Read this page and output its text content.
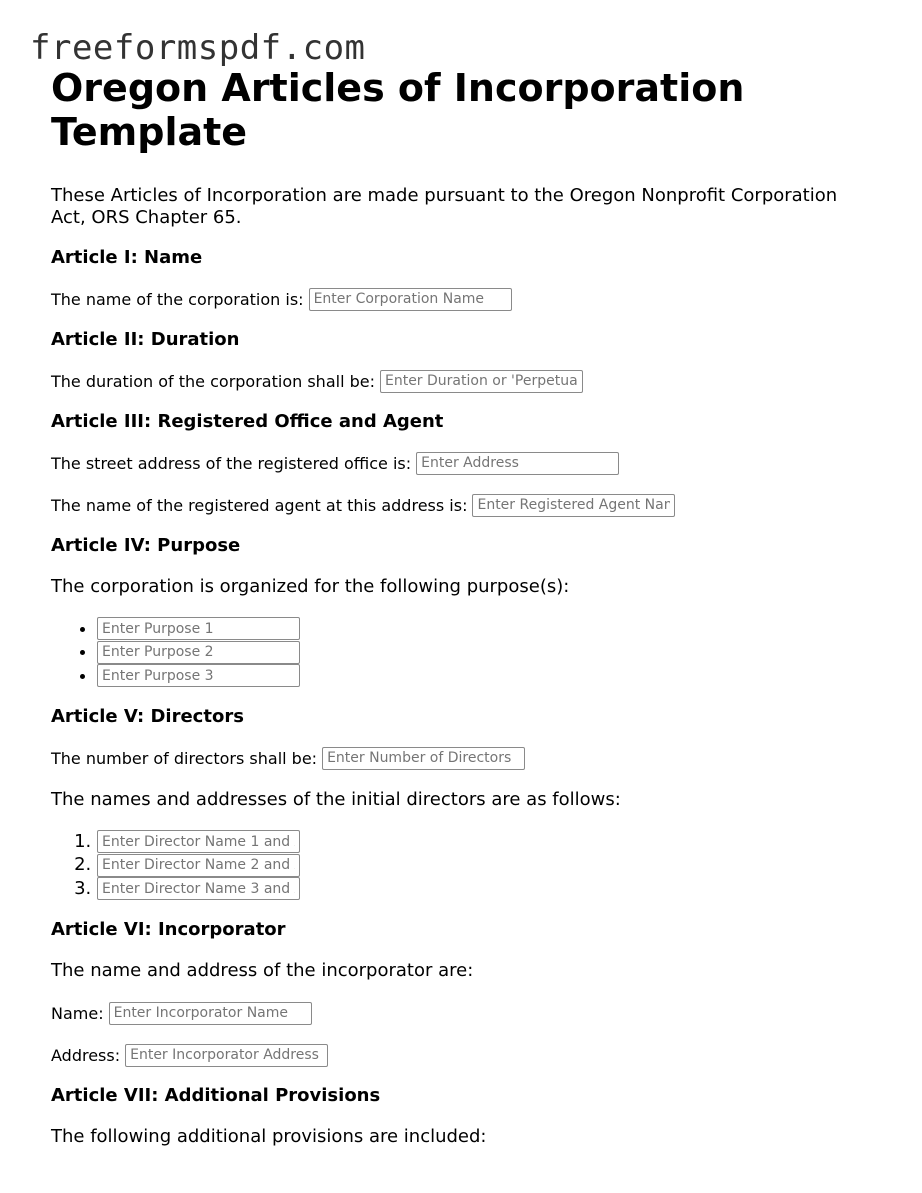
freeformspdf.com
Oregon Articles of Incorporation Template

These Articles of Incorporation are made pursuant to the Oregon Nonprofit Corporation Act, ORS Chapter 65.

Article I: Name
The name of the corporation is:
Enter Corporation Name
Article II: Duration
The duration of the corporation shall be:
Enter Duration or 'Perpetual'
Article III: Registered Office and Agent
The street address of the registered office is:
Enter Address
The name of the registered agent at this address is:
Enter Registered Agent Name
Article IV: Purpose

The corporation is organized for the following purpose(s):

• Enter Purpose 1
• Enter Purpose 2
• Enter Purpose 3
Article V: Directors
The number of directors shall be:
Enter Number of Directors

The names and addresses of the initial directors are as follows:

1. Enter Director Name 1 and Address
2. Enter Director Name 2 and Address
3. Enter Director Name 3 and Address
Article VI: Incorporator

The name and address of the incorporator are:

Name:
Enter Incorporator Name
Address:
Enter Incorporator Address
Article VII: Additional Provisions

The following additional provisions are included:
